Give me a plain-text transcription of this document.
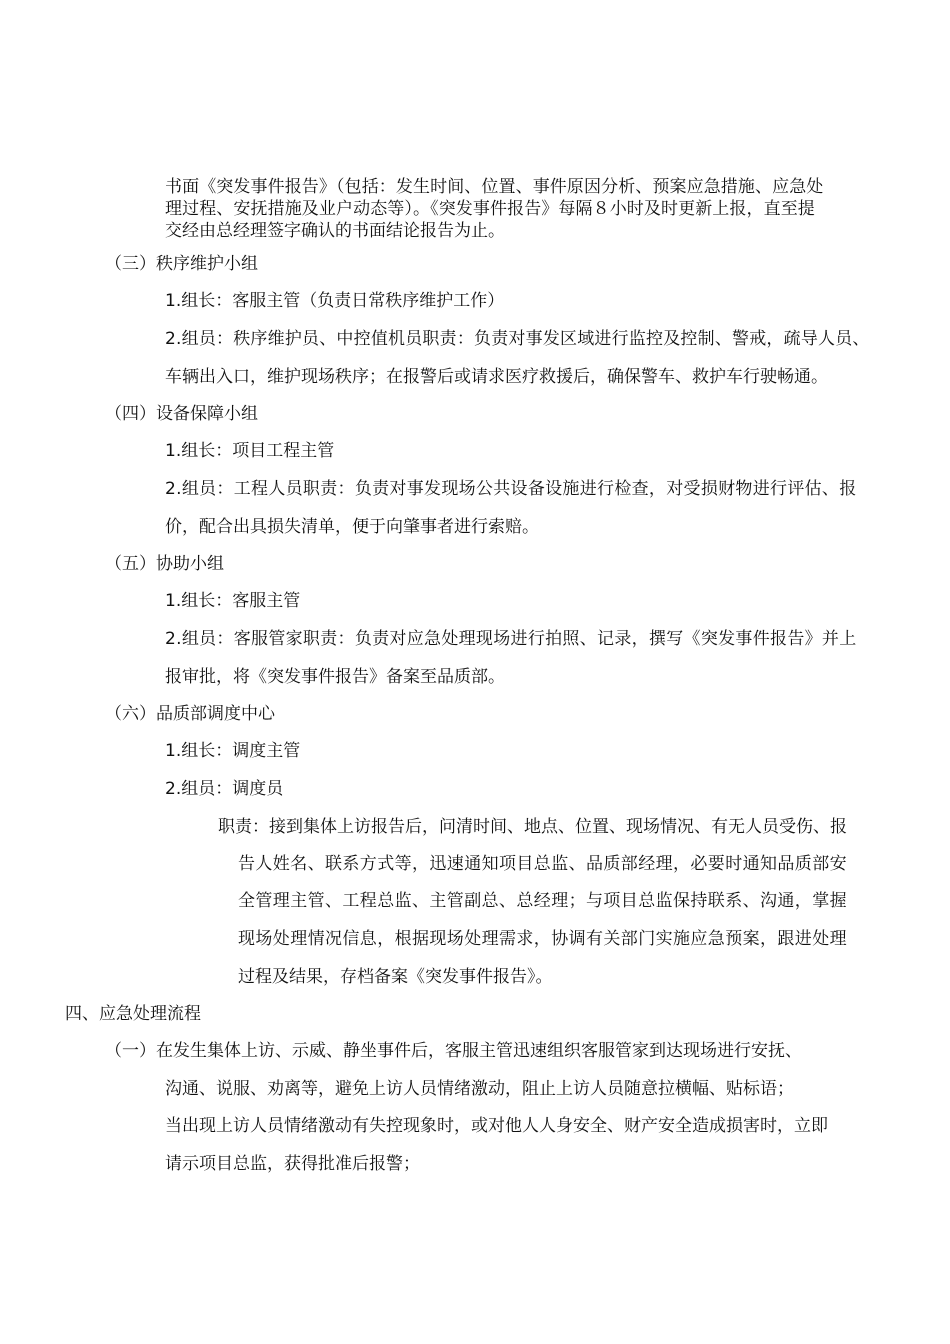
书面《突发事件报告》（包括：发生时间、位置、事件原因分析、预案应急措施、应急处
理过程、安抚措施及业户动态等）。《突发事件报告》每隔８小时及时更新上报，直至提
交经由总经理签字确认的书面结论报告为止。
（三）秩序维护小组
1.组长：客服主管（负责日常秩序维护工作）
2.组员：秩序维护员、中控值机员职责：负责对事发区域进行监控及控制、警戒，疏导人员、
车辆出入口，维护现场秩序；在报警后或请求医疗救援后，确保警车、救护车行驶畅通。
（四）设备保障小组
1.组长：项目工程主管
2.组员：工程人员职责：负责对事发现场公共设备设施进行检查，对受损财物进行评估、报
价，配合出具损失清单，便于向肇事者进行索赔。
（五）协助小组
1.组长：客服主管
2.组员：客服管家职责：负责对应急处理现场进行拍照、记录，撰写《突发事件报告》并上
报审批，将《突发事件报告》备案至品质部。
（六）品质部调度中心
1.组长：调度主管
2.组员：调度员
职责：接到集体上访报告后，问清时间、地点、位置、现场情况、有无人员受伤、报
告人姓名、联系方式等，迅速通知项目总监、品质部经理，必要时通知品质部安
全管理主管、工程总监、主管副总、总经理；与项目总监保持联系、沟通，掌握
现场处理情况信息，根据现场处理需求，协调有关部门实施应急预案，跟进处理
过程及结果，存档备案《突发事件报告》。
四、应急处理流程
（一）在发生集体上访、示威、静坐事件后，客服主管迅速组织客服管家到达现场进行安抚、
沟通、说服、劝离等，避免上访人员情绪激动，阻止上访人员随意拉横幅、贴标语；
当出现上访人员情绪激动有失控现象时，或对他人人身安全、财产安全造成损害时，立即
请示项目总监，获得批准后报警；
